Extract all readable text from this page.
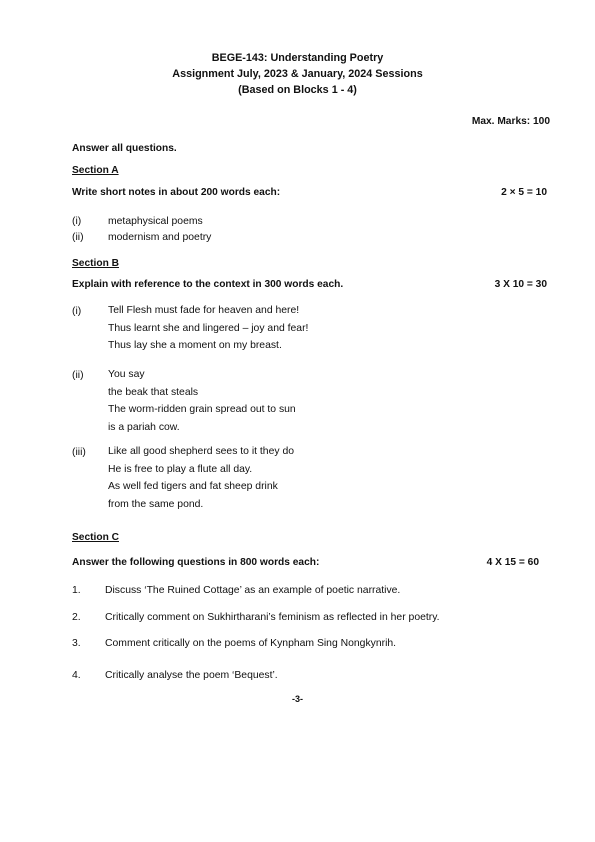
BEGE-143: Understanding Poetry
Assignment July, 2023 & January, 2024 Sessions
(Based on Blocks 1 - 4)
Max. Marks: 100
Answer all questions.
Section A
Write short notes in about 200 words each:	2 × 5 = 10
(i)	metaphysical poems
(ii) modernism and poetry
Section B
Explain with reference to the context in 300 words each.	3 X 10 = 30
(i)	Tell Flesh must fade for heaven and here!
Thus learnt she and lingered – joy and fear!
Thus lay she a moment on my breast.
(ii) You say
the beak that steals
The worm-ridden grain spread out to sun
is a pariah cow.
(iii) Like all good shepherd sees to it they do
He is free to play a flute all day.
As well fed tigers and fat sheep drink
from the same pond.
Section C
Answer the following questions in 800 words each:	4 X 15 = 60
1. Discuss ‘The Ruined Cottage’ as an example of poetic narrative.
2. Critically comment on Sukhirtharani’s feminism as reflected in her poetry.
3. Comment critically on the poems of Kynpham Sing Nongkynrih.
4. Critically analyse the poem ‘Bequest’.
-3-
